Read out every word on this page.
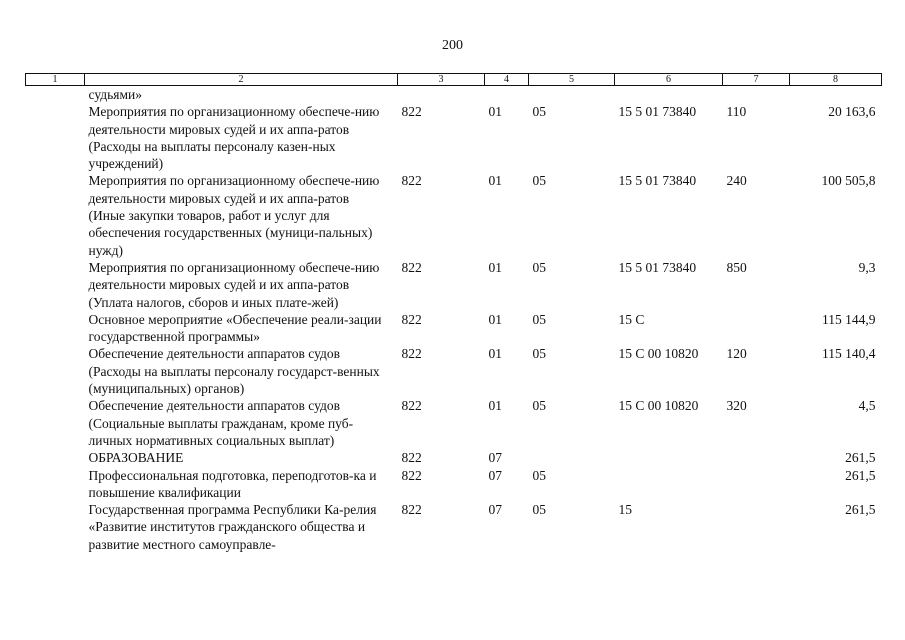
200
1	2	3	4	5	6	7	8
	судьями»						
	Мероприятия по организационному обеспече-нию деятельности мировых судей и их аппа-ратов (Расходы на выплаты персоналу казен-ных учреждений)	822	01	05	15 5 01 73840	110	20 163,6
	Мероприятия по организационному обеспече-нию деятельности мировых судей и их аппа-ратов (Иные закупки товаров, работ и услуг для обеспечения государственных (муници-пальных) нужд)	822	01	05	15 5 01 73840	240	100 505,8
	Мероприятия по организационному обеспече-нию деятельности мировых судей и их аппа-ратов (Уплата налогов, сборов и иных плате-жей)	822	01	05	15 5 01 73840	850	9,3
	Основное мероприятие «Обеспечение реали-зации государственной программы»	822	01	05	15 С		115 144,9
	Обеспечение деятельности аппаратов судов (Расходы на выплаты персоналу государст-венных (муниципальных) органов)	822	01	05	15 С 00 10820	120	115 140,4
	Обеспечение деятельности аппаратов судов (Социальные выплаты гражданам, кроме пуб-личных нормативных социальных выплат)	822	01	05	15 С 00 10820	320	4,5
	ОБРАЗОВАНИЕ	822	07				261,5
	Профессиональная подготовка, переподготов-ка и повышение квалификации	822	07	05			261,5
	Государственная программа Республики Ка-релия «Развитие институтов гражданского общества и развитие местного самоуправле-	822	07	05	15		261,5
